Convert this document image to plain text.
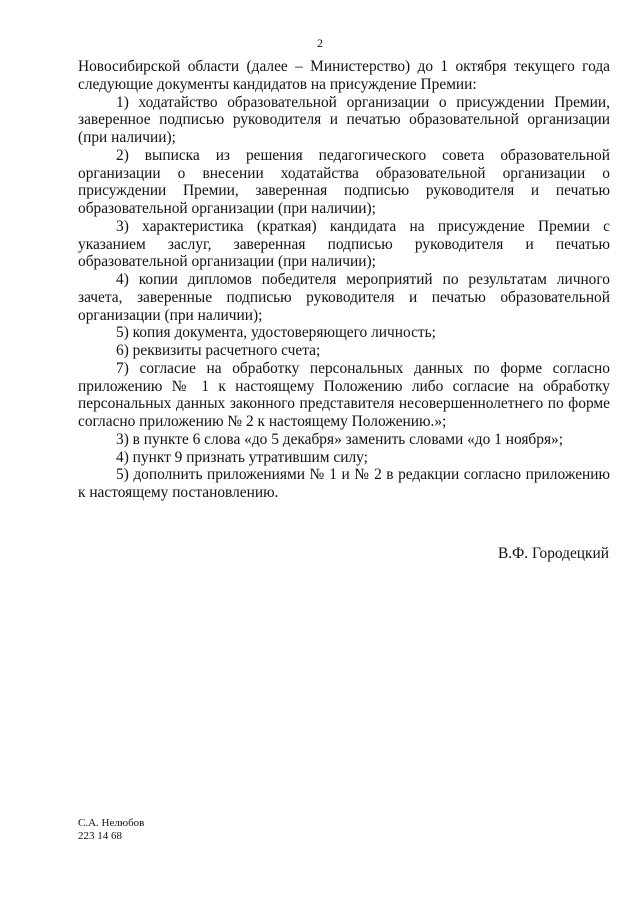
2

Новосибирской области (далее – Министерство) до 1 октября текущего года следующие документы кандидатов на присуждение Премии:

1) ходатайство образовательной организации о присуждении Премии, заверенное подписью руководителя и печатью образовательной организации (при наличии);

2) выписка из решения педагогического совета образовательной организации о внесении ходатайства образовательной организации о присуждении Премии, заверенная подписью руководителя и печатью образовательной организации (при наличии);

3) характеристика (краткая) кандидата на присуждение Премии с указанием заслуг, заверенная подписью руководителя и печатью образовательной организации (при наличии);

4) копии дипломов победителя мероприятий по результатам личного зачета, заверенные подписью руководителя и печатью образовательной организации (при наличии);

5) копия документа, удостоверяющего личность;

6) реквизиты расчетного счета;

7) согласие на обработку персональных данных по форме согласно приложению № 1 к настоящему Положению либо согласие на обработку персональных данных законного представителя несовершеннолетнего по форме согласно приложению № 2 к настоящему Положению.»;

3) в пункте 6 слова «до 5 декабря» заменить словами «до 1 ноября»;

4) пункт 9 признать утратившим силу;

5) дополнить приложениями № 1 и № 2 в редакции согласно приложению к настоящему постановлению.

В.Ф. Городецкий
С.А. Нелюбов
223 14 68
